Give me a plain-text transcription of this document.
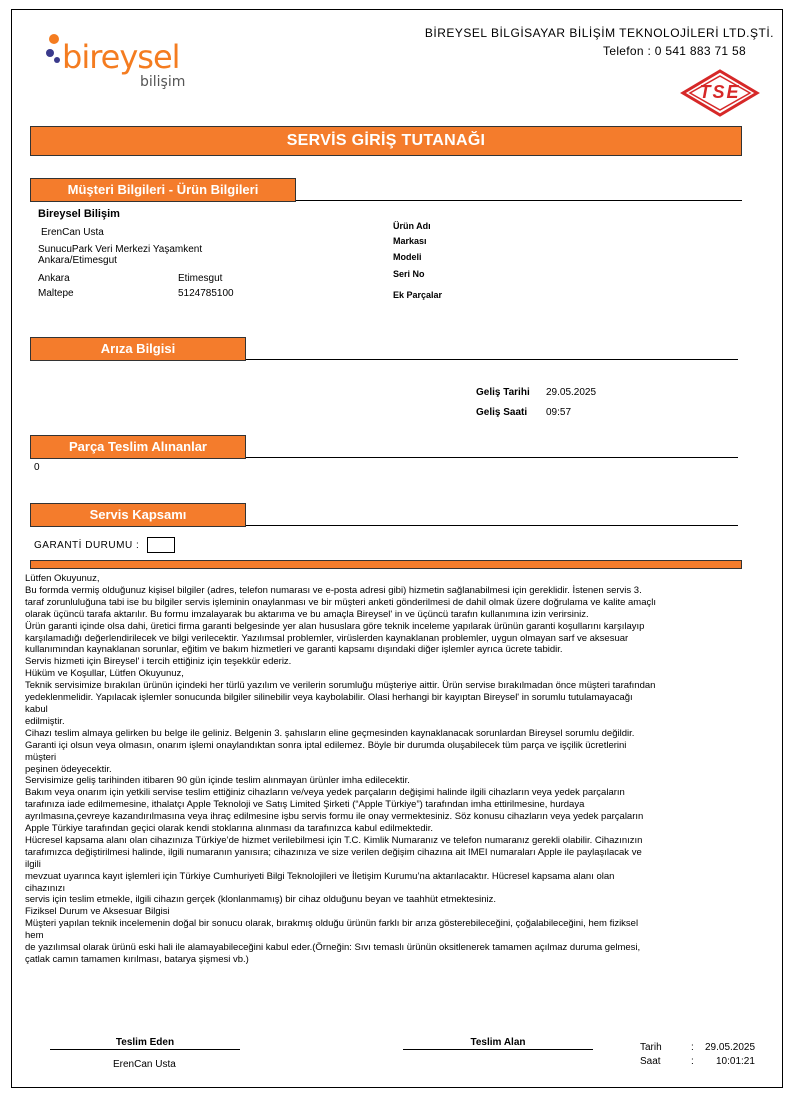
bireysel
bilişim
BİREYSEL BİLGİSAYAR BİLİŞİM TEKNOLOJİLERİ LTD.ŞTİ.
Telefon : 0 541 883 71 58
TSE
SERVİS GİRİŞ TUTANAĞI
Müşteri Bilgileri - Ürün Bilgileri
Bireysel Bilişim
ErenCan Usta
SunucuPark Veri Merkezi Yaşamkent Ankara/Etimesgut
Ankara	Etimesgut
Maltepe	5124785100
Ürün Adı
Markası
Modeli
Seri No
Ek Parçalar
Arıza Bilgisi
Geliş Tarihi 29.05.2025
Geliş Saati 09:57
Parça Teslim Alınanlar
0
Servis Kapsamı
GARANTİ DURUMU :

Lütfen Okuyunuz,

Bu formda vermiş olduğunuz kişisel bilgiler (adres, telefon numarası ve e-posta adresi gibi) hizmetin sağlanabilmesi için gereklidir. İstenen servis 3.

taraf zorunluluğuna tabi ise bu bilgiler servis işleminin onaylanması ve bir müşteri anketi gönderilmesi de dahil olmak üzere doğrulama ve kalite amaçlı

olarak üçüncü tarafa aktarılır. Bu formu imzalayarak bu aktarıma ve bu amaçla Bireysel' in ve üçüncü tarafın kullanımına izin verirsiniz.

Ürün garanti içinde olsa dahi, üretici firma garanti belgesinde yer alan hususlara göre teknik inceleme yapılarak ürünün garanti koşullarını karşılayıp

karşılamadığı değerlendirilecek ve bilgi verilecektir. Yazılımsal problemler, virüslerden kaynaklanan problemler, uygun olmayan sarf ve aksesuar

kullanımından kaynaklanan sorunlar, eğitim ve bakım hizmetleri ve garanti kapsamı dışındaki diğer işlemler ayrıca ücrete tabidir.

Servis hizmeti için Bireysel' i tercih ettiğiniz için teşekkür ederiz.

Hüküm ve Koşullar, Lütfen Okuyunuz,

Teknik servisimize bırakılan ürünün içindeki her türlü yazılım ve verilerin sorumluğu müşteriye aittir. Ürün servise bırakılmadan önce müşteri tarafından

yedeklenmelidir. Yapılacak işlemler sonucunda bilgiler silinebilir veya kaybolabilir. Olasi herhangi bir kayıptan Bireysel' in sorumlu tutulamayacağı

kabul

edilmiştir.

Cihazı teslim almaya gelirken bu belge ile geliniz. Belgenin 3. şahısların eline geçmesinden kaynaklanacak sorunlardan Bireysel sorumlu değildir.

Garanti içi olsun veya olmasın, onarım işlemi onaylandıktan sonra iptal edilemez. Böyle bir durumda oluşabilecek tüm parça ve işçilik ücretlerini

müşteri

peşinen ödeyecektir.

Servisimize geliş tarihinden itibaren 90 gün içinde teslim alınmayan ürünler imha edilecektir.

Bakım veya onarım için yetkili servise teslim ettiğiniz cihazların ve/veya yedek parçaların değişimi halinde ilgili cihazların veya yedek parçaların

tarafınıza iade edilmemesine, ithalatçı Apple Teknoloji ve Satış Limited Şirketi (“Apple Türkiye”) tarafından imha ettirilmesine, hurdaya

ayrılmasına,çevreye kazandırılmasına veya ihraç edilmesine işbu servis formu ile onay vermektesiniz. Söz konusu cihazların veya yedek parçaların

Apple Türkiye tarafından geçici olarak kendi stoklarına alınması da tarafınızca kabul edilmektedir.

Hücresel kapsama alanı olan cihazınıza Türkiye’de hizmet verilebilmesi için T.C. Kimlik Numaranız ve telefon numaranız gerekli olabilir. Cihazınızın

tarafımızca değiştirilmesi halinde, ilgili numaranın yanısıra; cihazınıza ve size verilen değişim cihazına ait IMEI numaraları Apple ile paylaşılacak ve

ilgili

mevzuat uyarınca kayıt işlemleri için Türkiye Cumhuriyeti Bilgi Teknolojileri ve İletişim Kurumu’na aktarılacaktır. Hücresel kapsama alanı olan

cihazınızı

servis için teslim etmekle, ilgili cihazın gerçek (klonlanmamış) bir cihaz olduğunu beyan ve taahhüt etmektesiniz.

Fiziksel Durum ve Aksesuar Bilgisi

Müşteri yapılan teknik incelemenin doğal bir sonucu olarak, bırakmış olduğu ürünün farklı bir arıza gösterebileceğini, çoğalabileceğini, hem fiziksel

hem

de yazılımsal olarak ürünü eski hali ile alamayabileceğini kabul eder.(Örneğin: Sıvı temaslı ürünün oksitlenerek tamamen açılmaz duruma gelmesi,

çatlak camın tamamen kırılması, batarya şişmesi vb.)

Teslim Eden
ErenCan Usta
Teslim Alan	Tarih	: 29.05.2025
Saat	: 10:01:21
